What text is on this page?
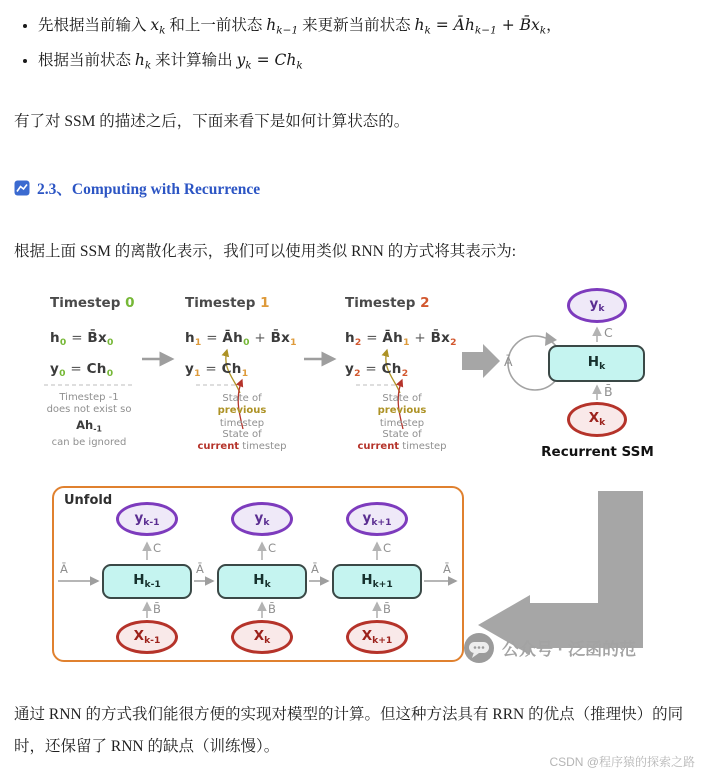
• 先根据当前输入 $x_k$ 和上一前状态 $h_{k-1}$ 来更新当前状态 $h_k$ = $Āh_{k-1}$ + $B̄x_k$，
• 根据当前状态 $h_k$ 来计算输出 $y_k = Ch_k$

有了对 SSM 的描述之后，下面来看下是如何计算状态的。

2.3、Computing with Recurrence

根据上面 SSM 的离散化表示，我们可以使用类似 RNN 的方式将其表示为:

Timestep 0	Timestep 1	Timestep 2
$h_0$ = $B̄x_0$
$y_0 = Ch_0$
$h_1$ = $Āh_0$ + $B̄x_1$
$y_1 = Ch_1$
$h_2$ = $Āh_1$ + $B̄x_2$
$y_2 = Ch_2$
Timestep -1
does not exist so
$Ah_{-1}$
can be ignored
State of
previous timestep
State of
current timestep
State of
previous timestep
State of
current timestep
$y_k$
C
$H_k$
Ā
B̄
$X_k$
Recurrent SSM
Unfold
$y_{k-1}$	$y_k$	$y_{k+1}$
C	C	C
$H_{k-1}$	$H_k$	$H_{k+1}$
Ā	Ā	Ā	Ā
B̄	B̄	B̄
$X_{k-1}$	$X_k$	$X_{k+1}$
公众号 · 泛函的范

通过 RNN 的方式我们能很方便的实现对模型的计算。但这种方法具有 RRN 的优点（推理快）的同时，还保留了 RNN 的缺点（训练慢）。

CSDN @程序猿的探索之路
